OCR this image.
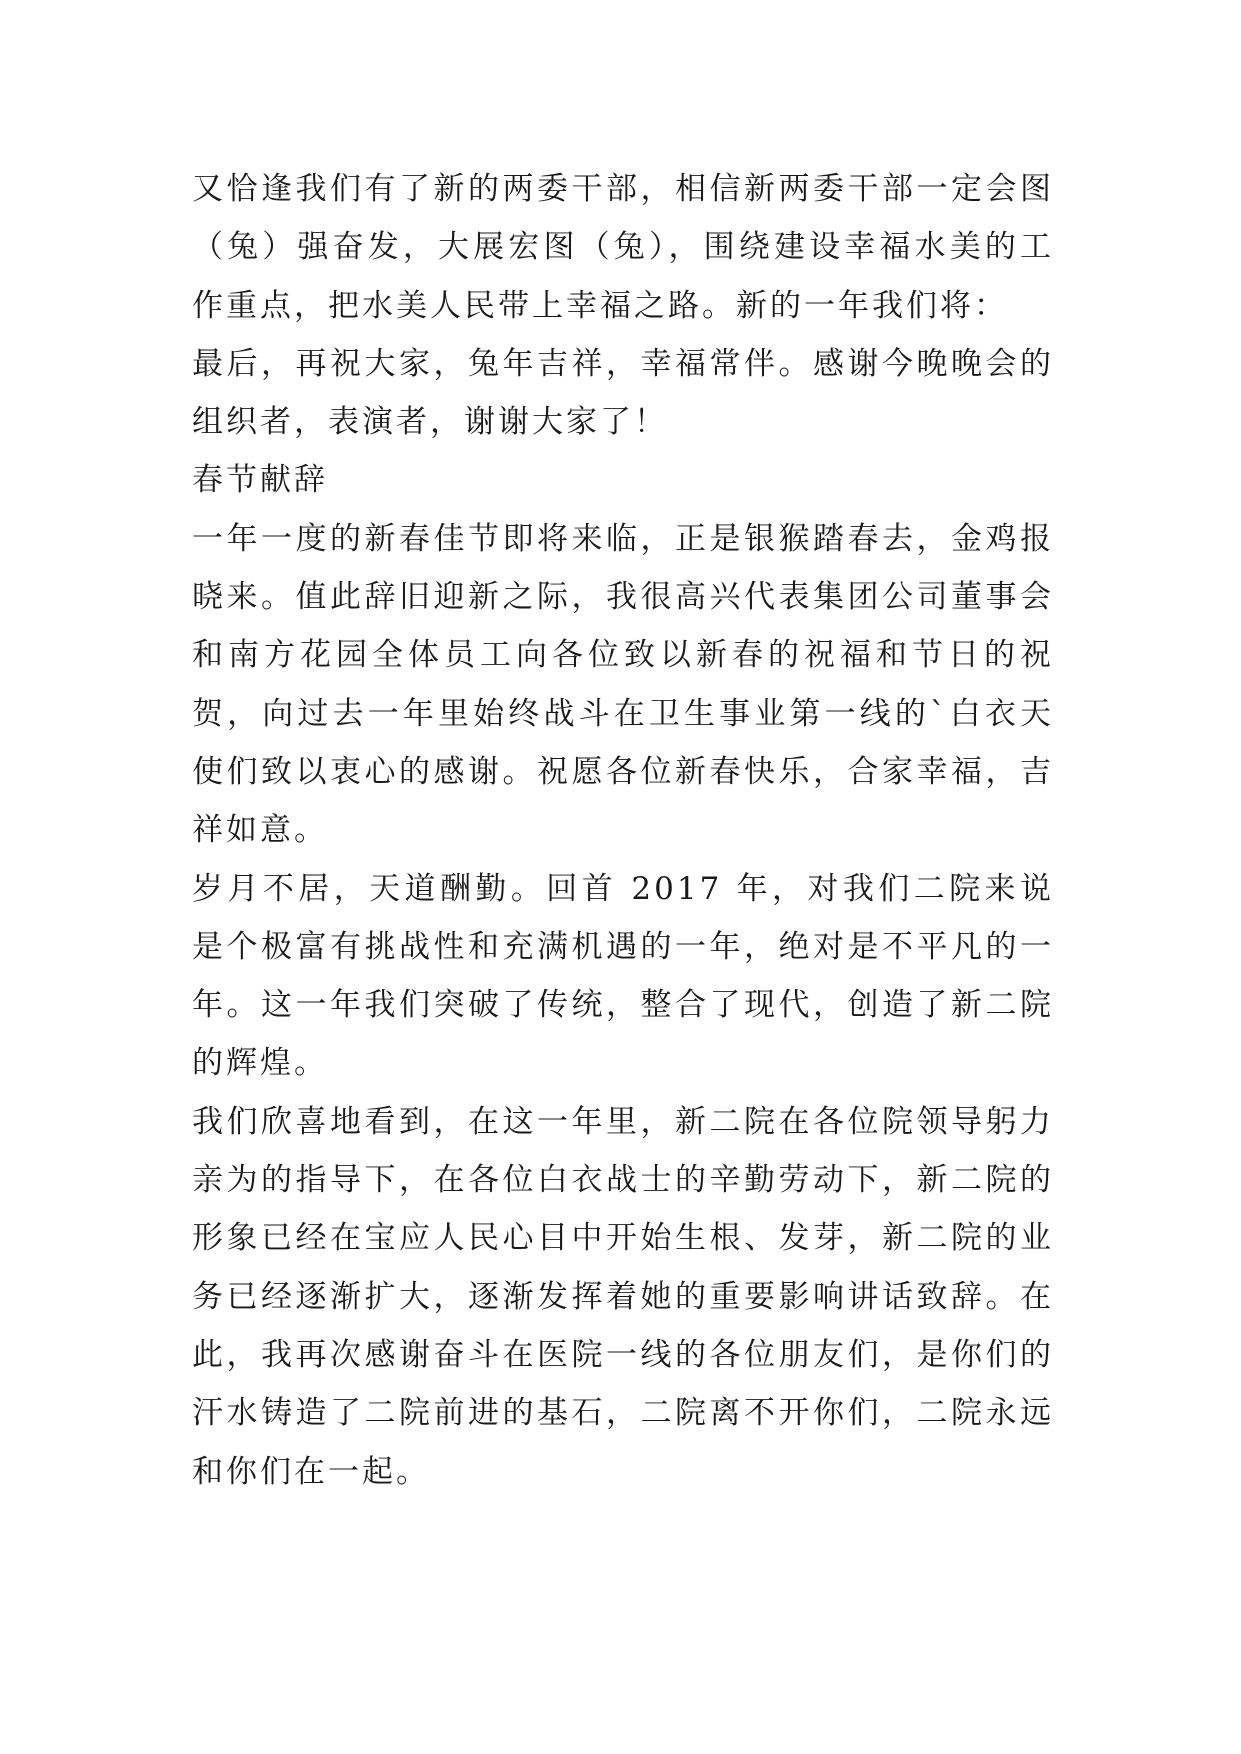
又恰逢我们有了新的两委干部，相信新两委干部一定会图（兔）强奋发，大展宏图（兔），围绕建设幸福水美的工作重点，把水美人民带上幸福之路。新的一年我们将：

最后，再祝大家，兔年吉祥，幸福常伴。感谢今晚晚会的组织者，表演者，谢谢大家了！

春节献辞

一年一度的新春佳节即将来临，正是银猴踏春去，金鸡报晓来。值此辞旧迎新之际，我很高兴代表集团公司董事会和南方花园全体员工向各位致以新春的祝福和节日的祝贺，向过去一年里始终战斗在卫生事业第一线的`白衣天使们致以衷心的感谢。祝愿各位新春快乐，合家幸福，吉祥如意。

岁月不居，天道酬勤。回首 2017 年，对我们二院来说是个极富有挑战性和充满机遇的一年，绝对是不平凡的一年。这一年我们突破了传统，整合了现代，创造了新二院的辉煌。

我们欣喜地看到，在这一年里，新二院在各位院领导躬力亲为的指导下，在各位白衣战士的辛勤劳动下，新二院的形象已经在宝应人民心目中开始生根、发芽，新二院的业务已经逐渐扩大，逐渐发挥着她的重要影响讲话致辞。在此，我再次感谢奋斗在医院一线的各位朋友们，是你们的汗水铸造了二院前进的基石，二院离不开你们，二院永远和你们在一起。
